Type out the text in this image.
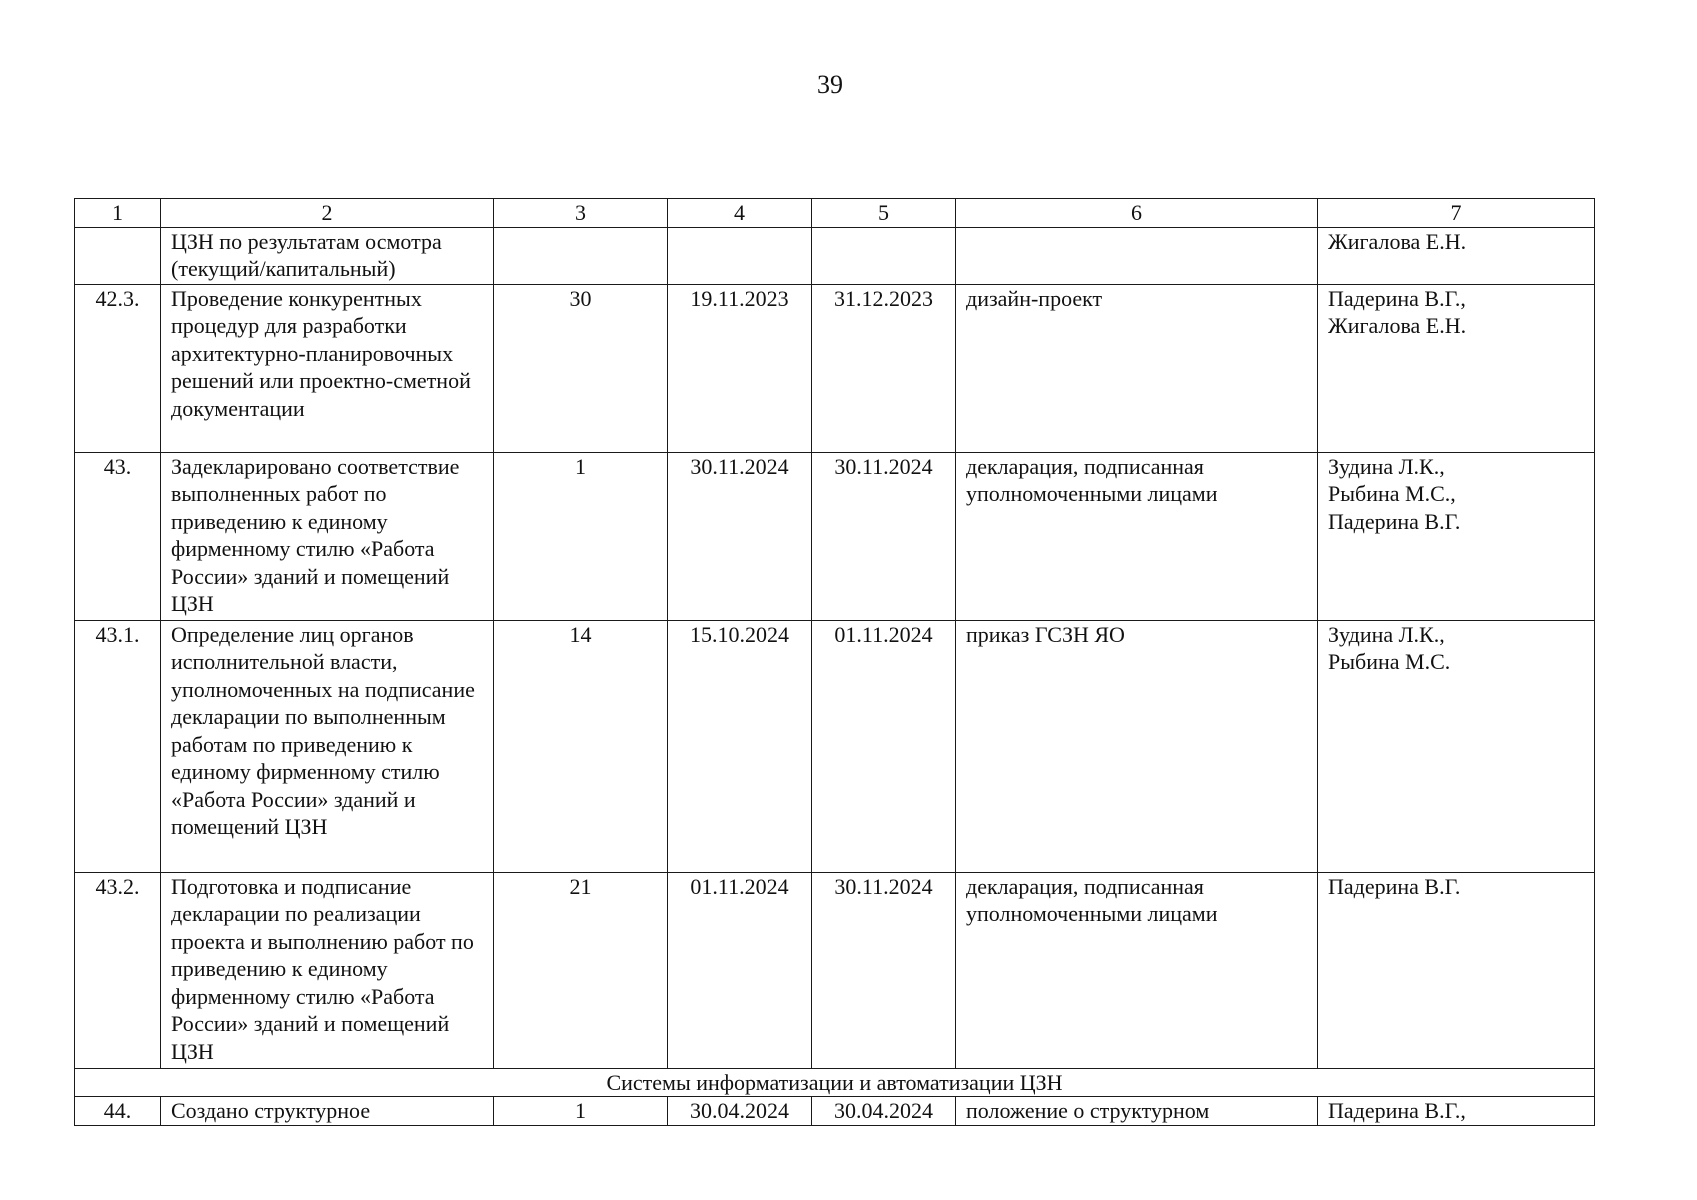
39
1	2	3	4	5	6	7
	ЦЗН по результатам осмотра (текущий/капитальный)					Жигалова Е.Н.
42.3.	Проведение конкурентных процедур для разработки архитектурно-планировочных решений или проектно-сметной документации	30	19.11.2023	31.12.2023	дизайн-проект	Падерина В.Г.,
Жигалова Е.Н.
43.	Задекларировано соответствие выполненных работ по приведению к единому фирменному стилю «Работа России» зданий и помещений ЦЗН	1	30.11.2024	30.11.2024	декларация, подписанная уполномоченными лицами	Зудина Л.К.,
Рыбина М.С.,
Падерина В.Г.
43.1.	Определение лиц органов исполнительной власти, уполномоченных на подписание декларации по выполненным работам по приведению к единому фирменному стилю «Работа России» зданий и помещений ЦЗН	14	15.10.2024	01.11.2024	приказ ГСЗН ЯО	Зудина Л.К.,
Рыбина М.С.
43.2.	Подготовка и подписание декларации по реализации проекта и выполнению работ по приведению к единому фирменному стилю «Работа России» зданий и помещений ЦЗН	21	01.11.2024	30.11.2024	декларация, подписанная уполномоченными лицами	Падерина В.Г.
Системы информатизации и автоматизации ЦЗН						
44.	Создано структурное	1	30.04.2024	30.04.2024	положение о структурном	Падерина В.Г.,
